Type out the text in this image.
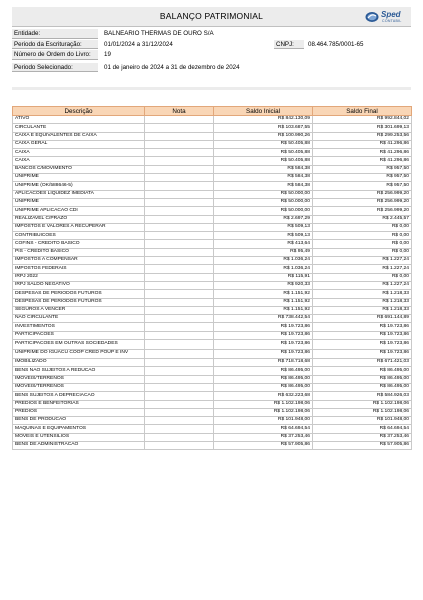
BALANÇO PATRIMONIAL	Sped
CONTABIL
Entidade:	BALNEARIO THERMAS DE OURO S/A
Periodo da Escrituração:	01/01/2024 a 31/12/2024	CNPJ:	08.464.785/0001-65
Número de Ordem do Livro:	19
Periodo Selecionado:	01 de janeiro de 2024 a 31 de dezembro de 2024
Descrição	Nota	Saldo Inicial	Saldo Final
ATIVO		R$ 842.130,09	R$ 992.844,02
CIRCULANTE		R$ 103.687,55	R$ 301.699,13
CAIXA E EQUIVALENTES DE CAIXA		R$ 100.990,26	R$ 299.253,56
CAIXA GERAL		R$ 50.405,88	R$ 41.296,86
CAIXA		R$ 50.405,88	R$ 41.296,86
CAIXA		R$ 50.405,88	R$ 41.296,86
BANCOS C/MOVIMENTO		R$ 584,38	R$ 957,50
UNIPRIME		R$ 584,38	R$ 957,50
UNIPRIME (OK/588646-5)		R$ 584,38	R$ 957,50
APLICACOES LIQUIDEZ IMEDIATA		R$ 50.000,00	R$ 256.999,20
UNIPRIME		R$ 50.000,00	R$ 256.999,20
UNIPRIME APLICACAO CDI		R$ 50.000,00	R$ 256.999,20
REALIZAVEL C/PRAZO		R$ 2.697,29	R$ 2.445,57
IMPOSTOS E VALORES A RECUPERAR		R$ 509,13	R$ 0,00
CONTRIBUICOES		R$ 509,13	R$ 0,00
COFINS - CREDITO BASICO		R$ 413,64	R$ 0,00
PIS - CREDITO BASICO		R$ 95,49	R$ 0,00
IMPOSTOS A COMPENSAR		R$ 1.036,24	R$ 1.227,24
IMPOSTOS FEDERAIS		R$ 1.036,24	R$ 1.227,24
IRPJ 2022		R$ 115,91	R$ 0,00
IRPJ SALDO NEGATIVO		R$ 920,33	R$ 1.227,24
DESPESAS DE PERIODOS FUTUROS		R$ 1.151,92	R$ 1.218,33
DESPESAS DE PERIODOS FUTUROS		R$ 1.151,92	R$ 1.218,33
SEGUROS A VENCER		R$ 1.151,92	R$ 1.218,33
NAO CIRCULANTE		R$ 738.442,54	R$ 691.144,89
INVESTIMENTOS		R$ 19.723,86	R$ 19.723,86
PARTICIPACOES		R$ 19.723,86	R$ 19.723,86
PARTICIPACOES EM OUTRAS SOCIEDADES		R$ 19.723,86	R$ 19.723,86
UNIPRIME DO IGUACU COOP CRED POUP E INV		R$ 19.723,86	R$ 19.723,86
IMOBILIZADO		R$ 718.718,68	R$ 671.421,03
BENS NAO SUJEITOS A REDUCAO		R$ 86.495,00	R$ 86.495,00
IMOVEIS/TERRENOS		R$ 86.495,00	R$ 86.495,00
IMOVEIS/TERRENOS		R$ 86.495,00	R$ 86.495,00
BENS SUJEITOS A DEPRECIACAO		R$ 632.223,68	R$ 584.926,03
PREDIOS E BENFEITORIAS		R$ 1.102.198,06	R$ 1.102.198,06
PREDIOS		R$ 1.102.198,06	R$ 1.102.198,06
BENS DE PRODUCAO		R$ 101.948,00	R$ 101.948,00
MAQUINAS E EQUIPAMENTOS		R$ 64.694,54	R$ 64.694,54
MOVEIS E UTENSILIOS		R$ 37.253,46	R$ 37.253,46
BENS DE ADMINISTRACAO		R$ 57.905,86	R$ 57.905,86
